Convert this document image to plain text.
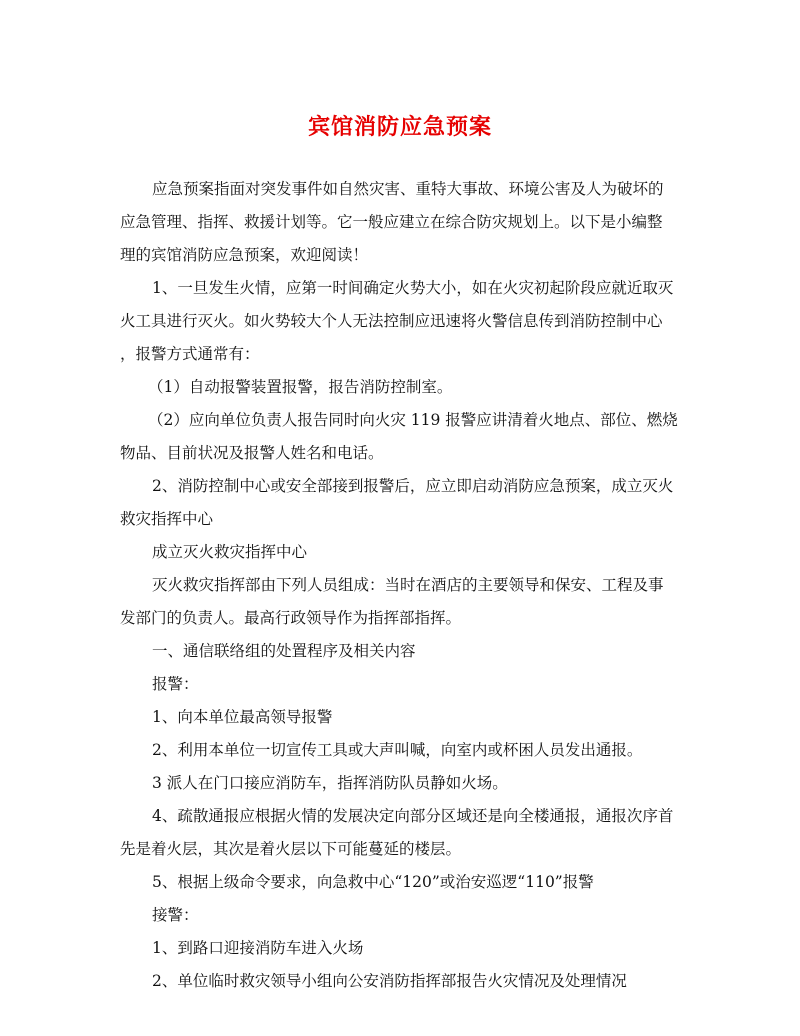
宾馆消防应急预案

应急预案指面对突发事件如自然灾害、重特大事故、环境公害及人为破坏的

应急管理、指挥、救援计划等。它一般应建立在综合防灾规划上。以下是小编整

理的宾馆消防应急预案，欢迎阅读！

1、一旦发生火情，应第一时间确定火势大小，如在火灾初起阶段应就近取灭

火工具进行灭火。如火势较大个人无法控制应迅速将火警信息传到消防控制中心

，报警方式通常有：

（1）自动报警装置报警，报告消防控制室。

（2）应向单位负责人报告同时向火灾 119 报警应讲清着火地点、部位、燃烧

物品、目前状况及报警人姓名和电话。

2、消防控制中心或安全部接到报警后，应立即启动消防应急预案，成立灭火

救灾指挥中心

成立灭火救灾指挥中心

灭火救灾指挥部由下列人员组成：当时在酒店的主要领导和保安、工程及事

发部门的负责人。最高行政领导作为指挥部指挥。

一、通信联络组的处置程序及相关内容

报警：

1、向本单位最高领导报警

2、利用本单位一切宣传工具或大声叫喊，向室内或杯困人员发出通报。

3 派人在门口接应消防车，指挥消防队员静如火场。

4、疏散通报应根据火情的发展决定向部分区域还是向全楼通报，通报次序首

先是着火层，其次是着火层以下可能蔓延的楼层。

5、根据上级命令要求，向急救中心“120”或治安巡逻“110”报警

接警：

1、到路口迎接消防车进入火场

2、单位临时救灾领导小组向公安消防指挥部报告火灾情况及处理情况
